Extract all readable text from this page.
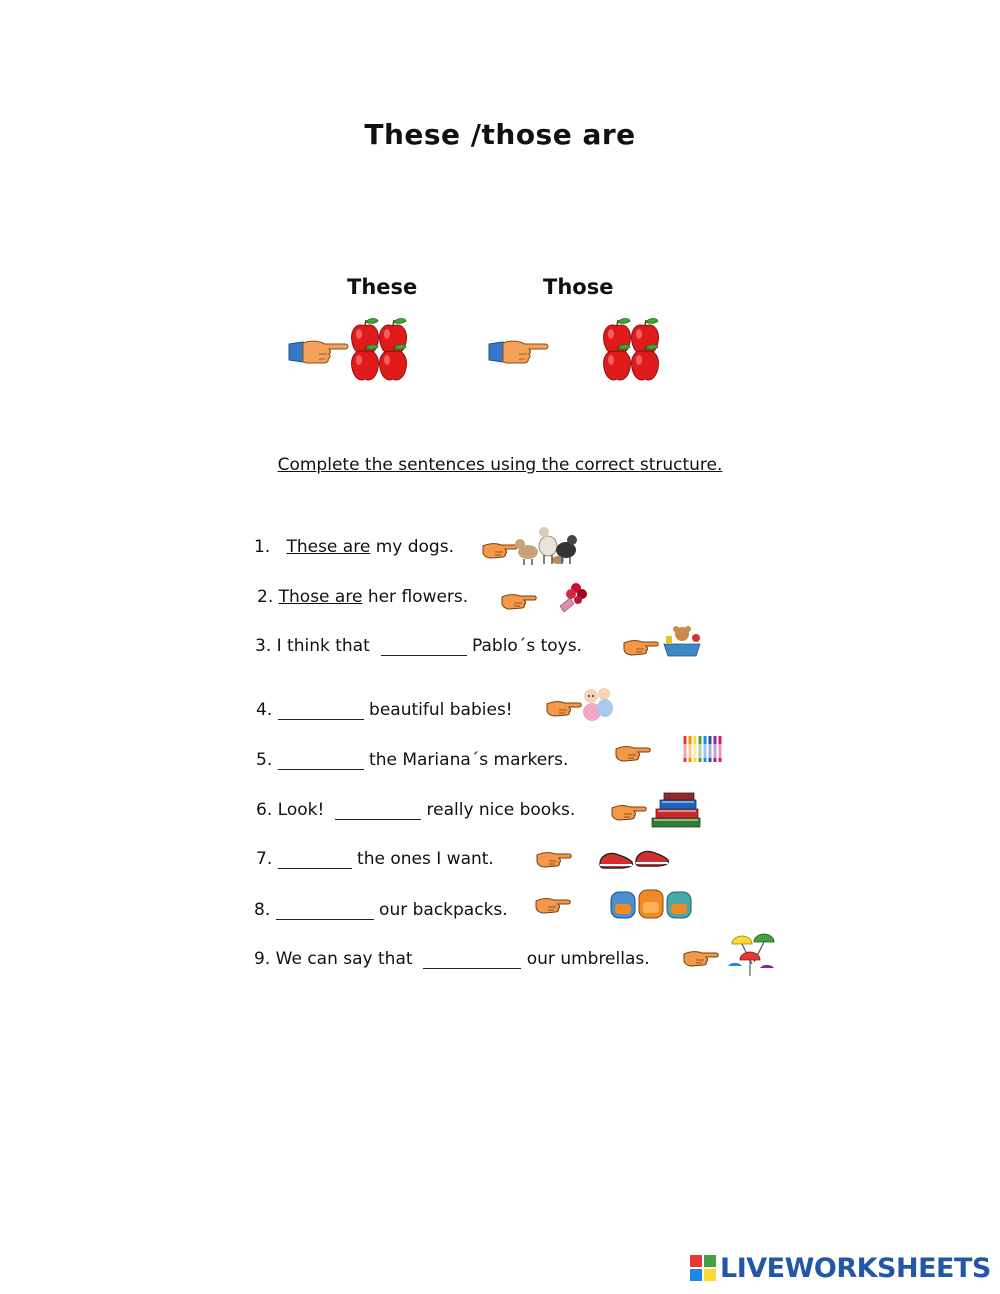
These /those are
These	Those
Complete the sentences using the correct structure.
1. These are my dogs.
2. Those are her flowers.
3. I think that	Pablo´s toys.
4.	beautiful babies!
5.	the Mariana´s markers.
6. Look!	really nice books.
7.	the ones I want.
8.	our backpacks.
9. We can say that	our umbrellas.
LIVEWORKSHEETS
